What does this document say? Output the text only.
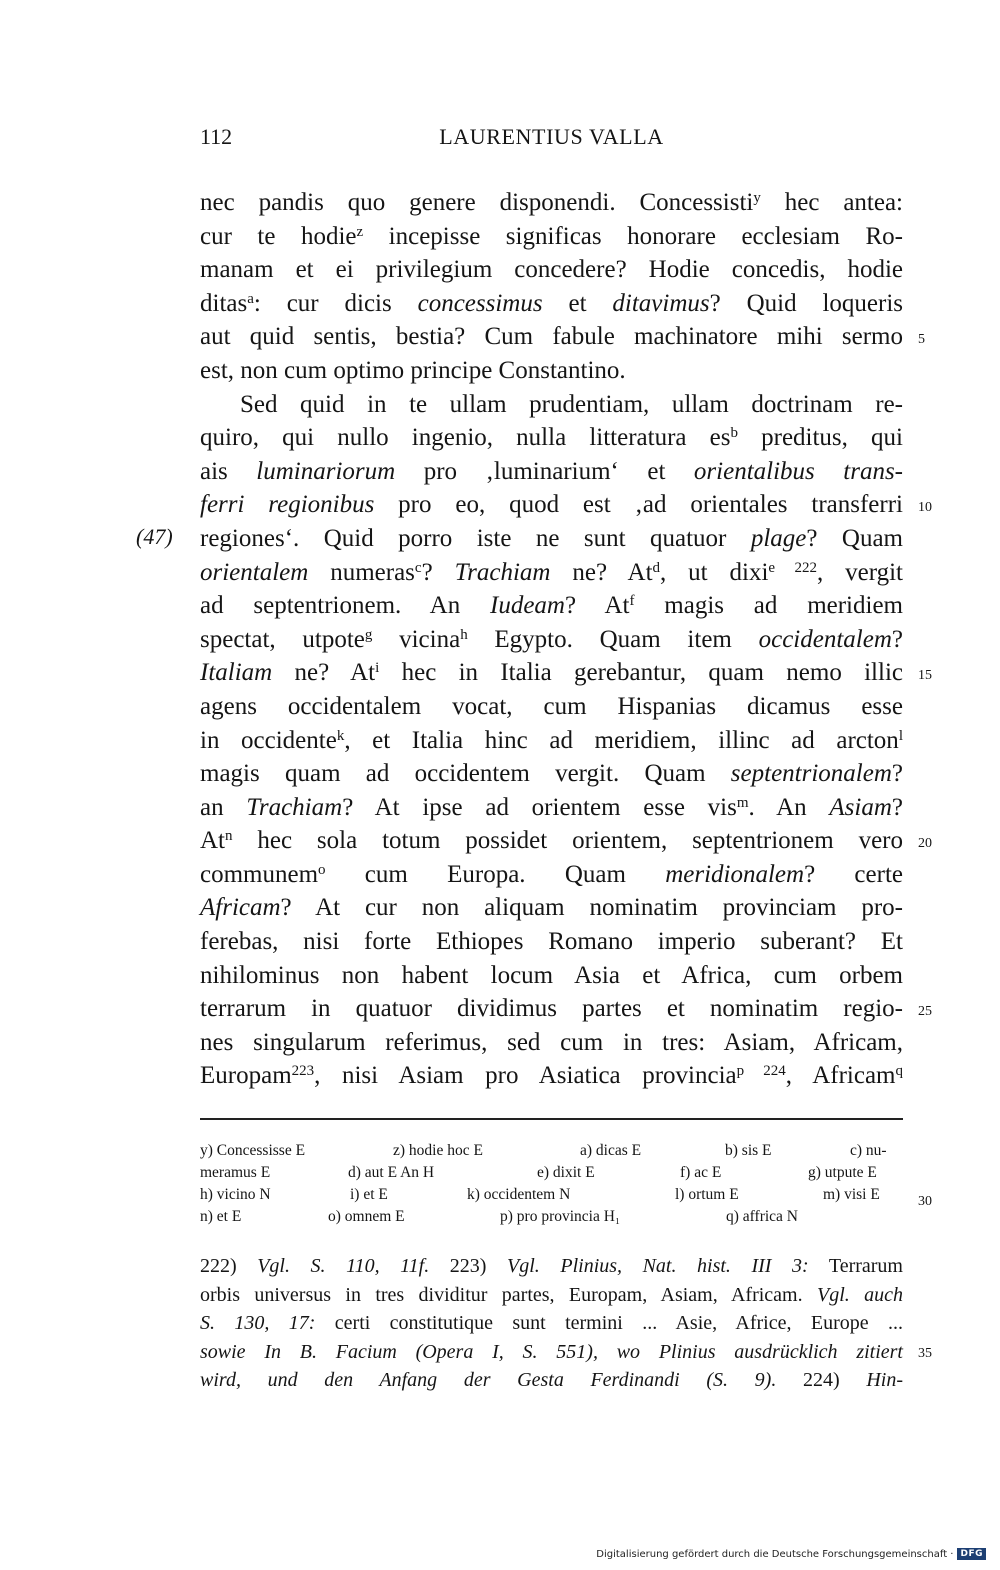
112	LAURENTIUS VALLA
nec pandis quo genere disponendi. Concessisti$^y$ hec antea:
cur te hodie$^z$ incepisse significas honorare ecclesiam Ro-
manam et ei privilegium concedere? Hodie concedis, hodie
ditas$^a$: cur dicis concessimus et ditavimus? Quid loqueris
aut quid sentis, bestia? Cum fabule machinatore mihi sermo
est, non cum optimo principe Constantino.
Sed quid in te ullam prudentiam, ullam doctrinam re-
quiro, qui nullo ingenio, nulla litteratura $es^b$ preditus, qui
ais luminariorum pro ‚luminarium‘ et orientalibus trans-
ferri regionibus pro eo, quod est ‚ad orientales transferri
regiones‘. Quid porro iste ne sunt quatuor plage? Quam
orientalem numeras$^c$? Trachiam ne? At$^d$, ut dixi$^{e 222}$, vergit
ad septentrionem. An Iudeam? At$^f$ magis ad meridiem
spectat, utpote$^g$ vicina$^h$ Egypto. Quam item occidentalem?
Italiam ne? At$^i$ hec in Italia gerebantur, quam nemo illic
agens occidentalem vocat, cum Hispanias dicamus esse
in occidente$^k$, et Italia hinc ad meridiem, illinc ad arcton$^l$
magis quam ad occidentem vergit. Quam septentrionalem?
an Trachiam? At ipse ad orientem esse vis$^m$. An Asiam?
At$^n$ hec sola totum possidet orientem, septentrionem vero
communem$^o$ cum Europa. Quam meridionalem? certe
Africam? At cur non aliquam nominatim provinciam pro-
ferebas, nisi forte Ethiopes Romano imperio suberant? Et
nihilominus non habent locum Asia et Africa, cum orbem
terrarum in quatuor dividimus partes et nominatim regio-
nes singularum referimus, sed cum in tres: Asiam, Africam,
Europam$^{223}$, nisi Asiam pro Asiatica provincia$^{p 224}$, Africam$^q$
(47)
5
10
15
20
25
30
35
y) Concessisse E	z) hodie hoc E	a) dicas E	b) sis E	c) nu-
meramus E	d) aut E An H	e) dixit E	f) ac E	g) utpute E
h) vicino N	i) et E	k) occidentem N	l) ortum E	m) visi E
n) et E	o) omnem E	p) pro provincia H₁	q) affrica N
222) Vgl. S. 110, 11f. 223) Vgl. Plinius, Nat. hist. III 3: Terrarum
orbis universus in tres dividitur partes, Europam, Asiam, Africam. Vgl. auch
S. 130, 17: certi constitutique sunt termini ... Asie, Africe, Europe ...
sowie In B. Facium (Opera I, S. 551), wo Plinius ausdrücklich zitiert
wird, und den Anfang der Gesta Ferdinandi (S. 9). 224) Hin-
Digitalisierung gefördert durch die Deutsche Forschungsgemeinschaft · DFG
